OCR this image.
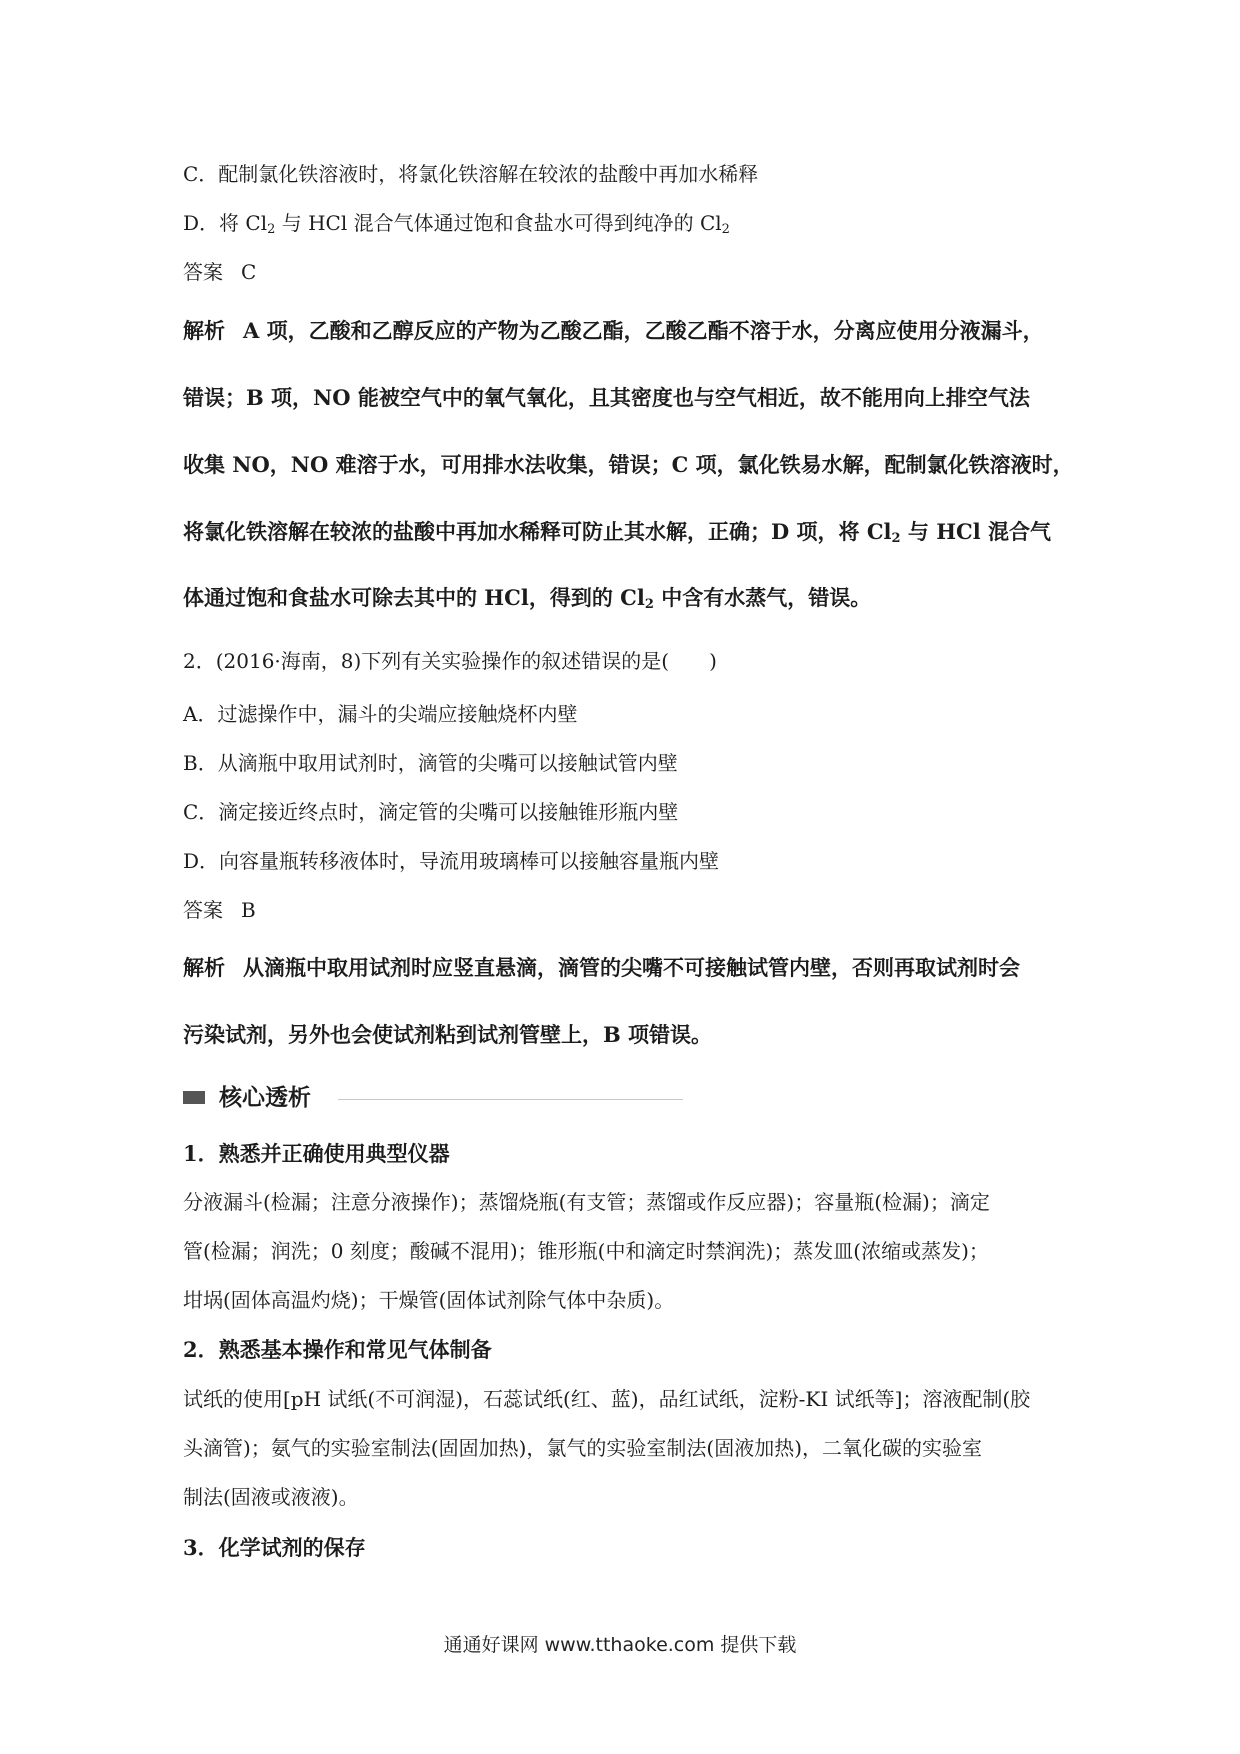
C．配制氯化铁溶液时，将氯化铁溶解在较浓的盐酸中再加水稀释
D．将 $Cl_2$ 与 HCl 混合气体通过饱和食盐水可得到纯净的 $Cl_2$
答案 C
解析 A 项，乙酸和乙醇反应的产物为乙酸乙酯，乙酸乙酯不溶于水，分离应使用分液漏斗，
错误；B 项，NO 能被空气中的氧气氧化，且其密度也与空气相近，故不能用向上排空气法
收集 NO，NO 难溶于水，可用排水法收集，错误；C 项，氯化铁易水解，配制氯化铁溶液时，
将氯化铁溶解在较浓的盐酸中再加水稀释可防止其水解，正确；D 项，将 $Cl_2$ 与 HCl 混合气
体通过饱和食盐水可除去其中的 HCl，得到的 $Cl_2$ 中含有水蒸气，错误。
2．(2016·海南，8)下列有关实验操作的叙述错误的是(　　)
A．过滤操作中，漏斗的尖端应接触烧杯内壁
B．从滴瓶中取用试剂时，滴管的尖嘴可以接触试管内壁
C．滴定接近终点时，滴定管的尖嘴可以接触锥形瓶内壁
D．向容量瓶转移液体时，导流用玻璃棒可以接触容量瓶内壁
答案 B
解析 从滴瓶中取用试剂时应竖直悬滴，滴管的尖嘴不可接触试管内壁，否则再取试剂时会
污染试剂，另外也会使试剂粘到试剂管壁上，B 项错误。
核心透析
1．熟悉并正确使用典型仪器
分液漏斗(检漏；注意分液操作)；蒸馏烧瓶(有支管；蒸馏或作反应器)；容量瓶(检漏)；滴定
管(检漏；润洗；0 刻度；酸碱不混用)；锥形瓶(中和滴定时禁润洗)；蒸发皿(浓缩或蒸发)；
坩埚(固体高温灼烧)；干燥管(固体试剂除气体中杂质)。
2．熟悉基本操作和常见气体制备
试纸的使用[pH 试纸(不可润湿)，石蕊试纸(红、蓝)，品红试纸，淀粉-KI 试纸等]；溶液配制(胶
头滴管)；氨气的实验室制法(固固加热)，氯气的实验室制法(固液加热)，二氧化碳的实验室
制法(固液或液液)。
3．化学试剂的保存
通通好课网 www.tthaoke.com 提供下载
